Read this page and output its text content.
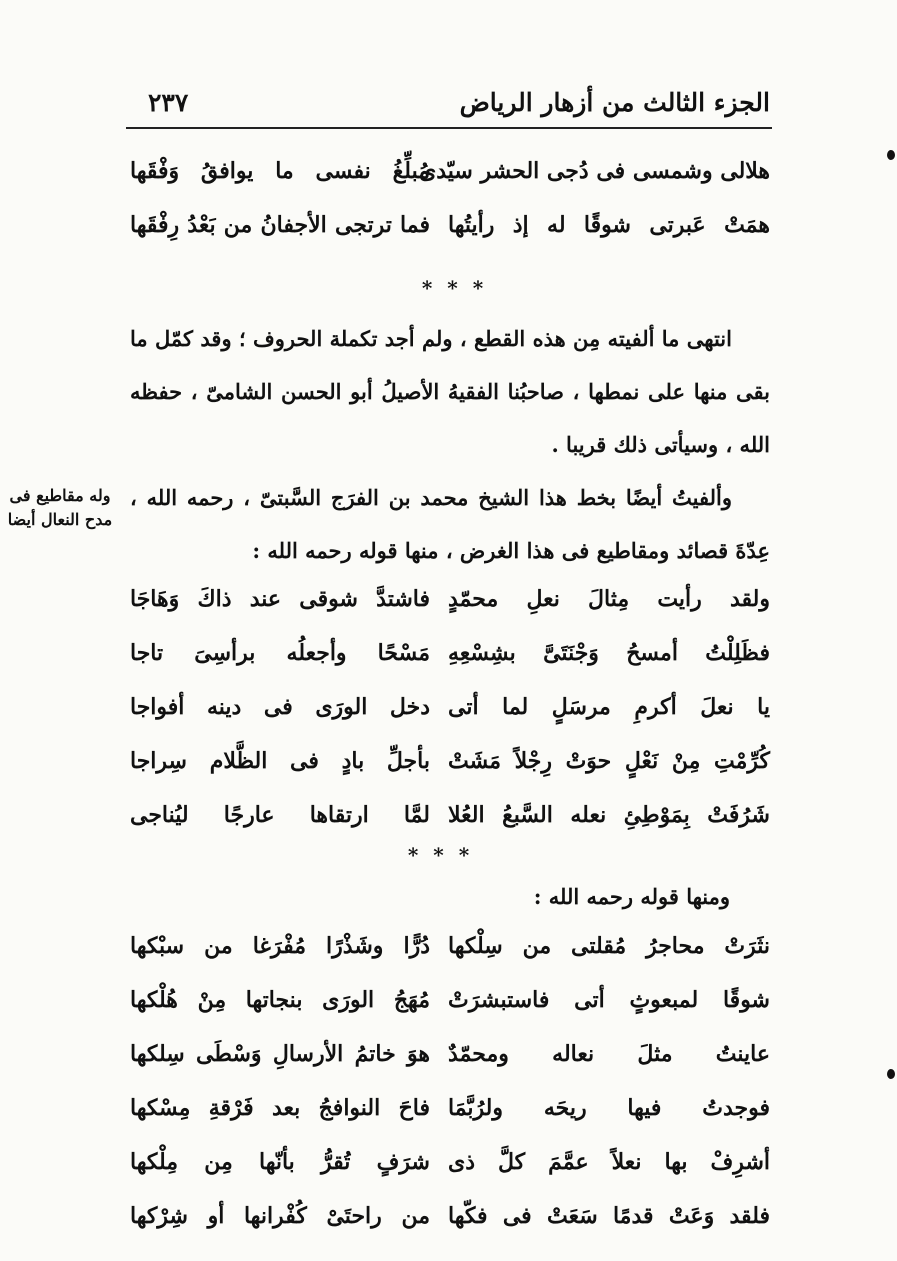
الجزء الثالث من أزهار الرياض
٢٣٧
هلالى وشمسى فى دُجى الحشر سيّدى
مُبلِّغُ نفسى ما يوافقُ وَفْقَها
همَتْ عَبرتى شوقًا له إذ رأيتُها
فما ترتجى الأجفانُ من بَعْدُ رِفْقَها
* * *

انتهى ما ألفيته مِن هذه القطع ، ولم أجد تكملة الحروف ؛ وقد كمّل ما بقى منها على نمطها ، صاحبُنا الفقيهُ الأصيلُ أبو الحسن الشامىّ ، حفظه الله ، وسيأتى ذلك قريبا .

وألفيتُ أيضًا بخط هذا الشيخ محمد بن الفرَج السَّبتىّ ، رحمه الله ، عِدّةَ قصائد ومقاطيع فى هذا الغرض ، منها قوله رحمه الله :

وله مقاطيع فى مدح النعال أيضا
ولقد رأيت مِثالَ نعلِ محمّدٍ
فاشتدَّ شوقى عند ذاكَ وَهَاجَا
فظَلِلْتُ أمسحُ وَجْنَتَىَّ بشِسْعِهِ
مَسْحًا وأجعلُه برأسِىَ تاجا
يا نعلَ أكرمِ مرسَلٍ لما أتى
دخل الورَى فى دينه أفواجا
كُرِّمْتِ مِنْ نَعْلٍ حوَتْ رِجْلاً مَشَتْ
بأجلِّ بادٍ فى الظَّلام سِراجا
شَرُفَتْ بِمَوْطِئِ نعله السَّبعُ العُلا
لمَّا ارتقاها عارجًا ليُناجى
* * *

ومنها قوله رحمه الله :

نثَرَتْ محاجرُ مُقلتى من سِلْكها
دُرًّا وشَذْرًا مُفْرَغا من سبْكها
شوقًا لمبعوثٍ أتى فاستبشرَتْ
مُهَجُ الورَى بنجاتها مِنْ هُلْكها
عاينتُ مثلَ نعاله ومحمّدٌ
هوَ خاتمُ الأرسالِ وَسْطَى سِلكها
فوجدتُ فيها ريحَه ولرُبَّمَا
فاحَ النوافجُ بعد فَرْقةِ مِسْكها
أشرِفْ بها نعلاً عمَّمَ كلَّ ذى
شرَفٍ تُقرُّ بأنّها مِن مِلْكها
فلقد وَعَتْ قدمًا سَعَتْ فى فكّها
من راحتَىْ كُفْرانها أو شِرْكها
